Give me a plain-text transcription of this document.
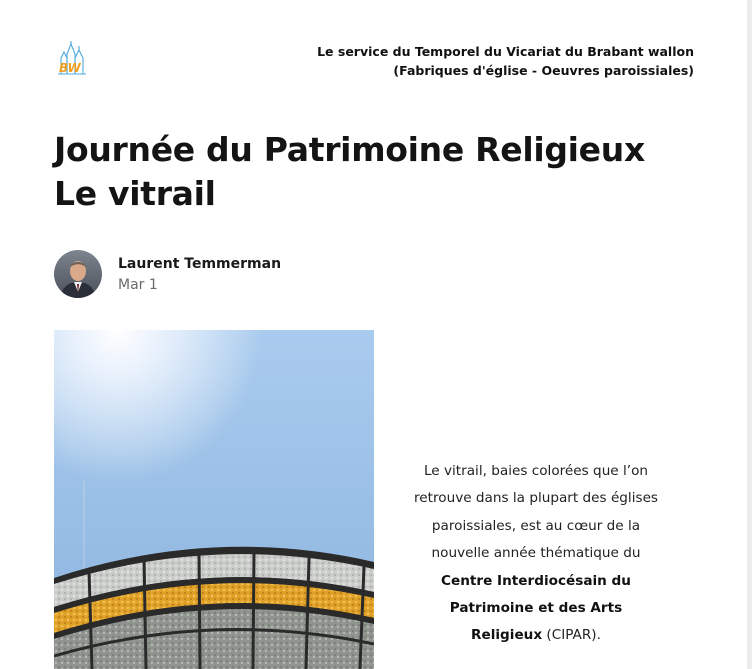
BW
Le service du Temporel du Vicariat du Brabant wallon (Fabriques d'église - Oeuvres paroissiales)
Journée du Patrimoine Religieux
Le vitrail
Laurent Temmerman
Mar 1

Le vitrail, baies colorées que l’on retrouve dans la plupart des églises paroissiales, est au cœur de la nouvelle année thématique du Centre Interdiocésain du Patrimoine et des Arts Religieux (CIPAR).
